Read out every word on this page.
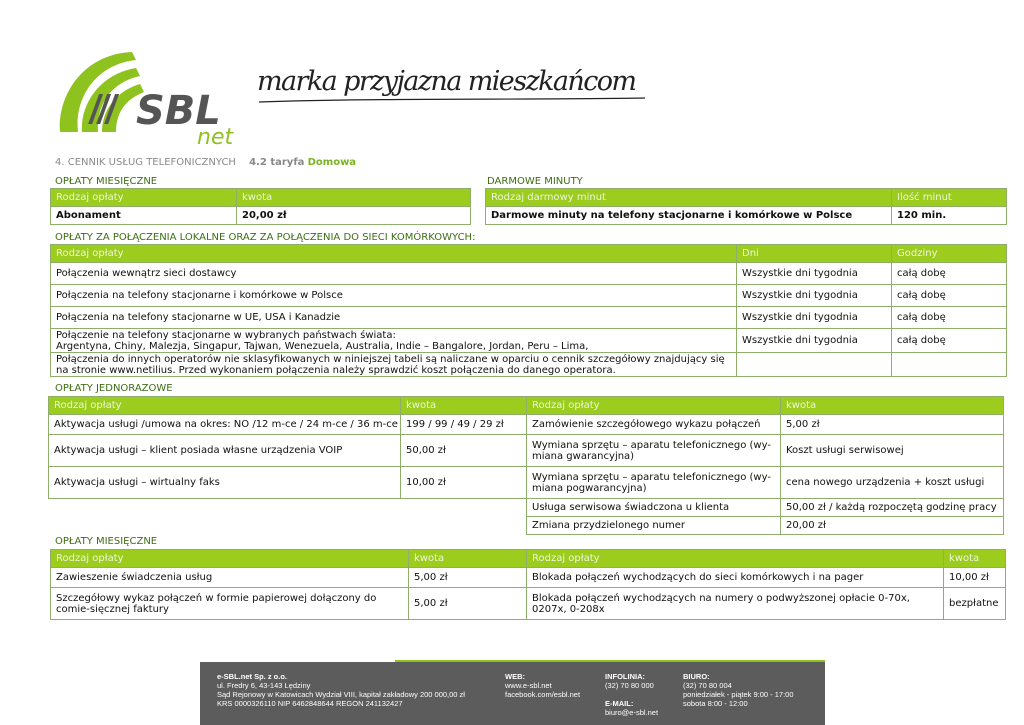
SBL
net
marka przyjazna mieszkańcom
4. CENNIK USŁUG TELEFONICZNYCH 4.2 taryfa Domowa
OPŁATY MIESIĘCZNE
Rodzaj opłaty	kwota
Abonament	20,00 zł
DARMOWE MINUTY
Rodzaj darmowy minut	Ilość minut
Darmowe minuty na telefony stacjonarne i komórkowe w Polsce	120 min.
OPŁATY ZA POŁĄCZENIA LOKALNE ORAZ ZA POŁĄCZENIA DO SIECI KOMÓRKOWYCH:
Rodzaj opłaty	Dni	Godziny
Połączenia wewnątrz sieci dostawcy	Wszystkie dni tygodnia	całą dobę
Połączenia na telefony stacjonarne i komórkowe w Polsce	Wszystkie dni tygodnia	całą dobę
Połączenia na telefony stacjonarne w UE, USA i Kanadzie	Wszystkie dni tygodnia	całą dobę

Połączenie na telefony stacjonarne w wybranych państwach świata:
Argentyna, Chiny, Malezja, Singapur, Tajwan, Wenezuela, Australia, Indie – Bangalore, Jordan, Peru – Lima,	Wszystkie dni tygodnia	całą dobę
Połączenia do innych operatorów nie sklasyfikowanych w niniejszej tabeli są naliczane w oparciu o cennik szczegółowy znajdujący się na stronie www.netilius. Przed wykonaniem połączenia należy sprawdzić koszt połączenia do danego operatora.		
OPŁATY JEDNORAZOWE
Rodzaj opłaty	kwota	Rodzaj opłaty	kwota
Aktywacja usługi /umowa na okres: NO /12 m-ce / 24 m-ce / 36 m-ce	199 / 99 / 49 / 29 zł	Zamówienie szczegółowego wykazu połączeń	5,00 zł
Aktywacja usługi – klient posiada własne urządzenia VOIP	50,00 zł	Wymiana sprzętu – aparatu telefonicznego (wy-miana gwarancyjna)	Koszt usługi serwisowej
Aktywacja usługi – wirtualny faks	10,00 zł	Wymiana sprzętu – aparatu telefonicznego (wy-miana pogwarancyjna)	cena nowego urządzenia + koszt usługi
		Usługa serwisowa świadczona u klienta	50,00 zł / każdą rozpoczętą godzinę pracy
		Zmiana przydzielonego numer	20,00 zł
OPŁATY MIESIĘCZNE
Rodzaj opłaty	kwota	Rodzaj opłaty	kwota
Zawieszenie świadczenia usług	5,00 zł	Blokada połączeń wychodzących do sieci komórkowych i na pager	10,00 zł
Szczegółowy wykaz połączeń w formie papierowej dołączony do comie-sięcznej faktury	5,00 zł	Blokada połączeń wychodzących na numery o podwyższonej opłacie 0-70x, 0207x, 0-208x	bezpłatne
e-SBL.net Sp. z o.o.
ul. Fredry 6, 43-143 Lędziny
Sąd Rejonowy w Katowicach Wydział VIII, kapitał zakładowy 200 000,00 zł
KRS 0000326110 NIP 6462848644 REGON 241132427
WEB:
www.e-sbl.net
facebook.com/esbl.net
INFOLINIA:
(32) 70 80 000
E-MAIL:
biuro@e-sbl.net
BIURO:
(32) 70 80 004
poniedziałek - piątek 9:00 - 17:00
sobota 8:00 - 12:00
